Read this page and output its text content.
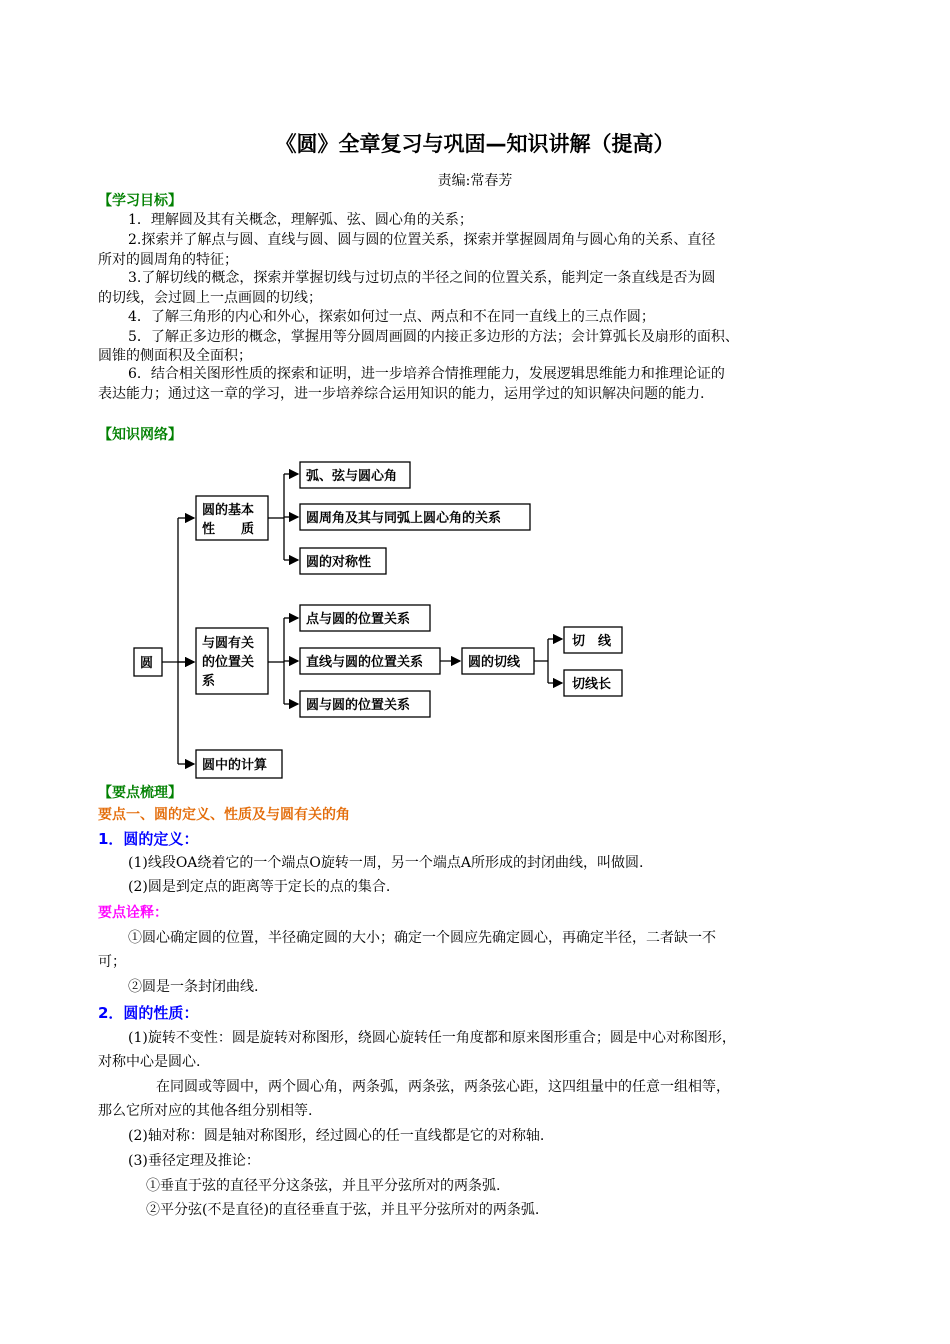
《圆》全章复习与巩固—知识讲解（提高）
责编:常春芳
【学习目标】
1．理解圆及其有关概念，理解弧、弦、圆心角的关系；
2.探索并了解点与圆、直线与圆、圆与圆的位置关系，探索并掌握圆周角与圆心角的关系、直径
所对的圆周角的特征；
3.了解切线的概念，探索并掌握切线与过切点的半径之间的位置关系，能判定一条直线是否为圆
的切线，会过圆上一点画圆的切线；
4．了解三角形的内心和外心，探索如何过一点、两点和不在同一直线上的三点作圆；
5．了解正多边形的概念，掌握用等分圆周画圆的内接正多边形的方法；会计算弧长及扇形的面积、
圆锥的侧面积及全面积；
6．结合相关图形性质的探索和证明，进一步培养合情推理能力，发展逻辑思维能力和推理论证的
表达能力；通过这一章的学习，进一步培养综合运用知识的能力，运用学过的知识解决问题的能力.
【知识网络】
圆
圆的基本
性　　质
与圆有关
的位置关
系
圆中的计算
弧、弦与圆心角
圆周角及其与同弧上圆心角的关系
圆的对称性
点与圆的位置关系
直线与圆的位置关系
圆与圆的位置关系
圆的切线
切　线
切线长
【要点梳理】
要点一、圆的定义、性质及与圆有关的角
1．圆的定义：
(1)线段OA绕着它的一个端点O旋转一周，另一个端点A所形成的封闭曲线，叫做圆.
(2)圆是到定点的距离等于定长的点的集合.
要点诠释：
①圆心确定圆的位置，半径确定圆的大小；确定一个圆应先确定圆心，再确定半径，二者缺一不
可；
②圆是一条封闭曲线.
2．圆的性质：
(1)旋转不变性：圆是旋转对称图形，绕圆心旋转任一角度都和原来图形重合；圆是中心对称图形，
对称中心是圆心.
在同圆或等圆中，两个圆心角，两条弧，两条弦，两条弦心距，这四组量中的任意一组相等，
那么它所对应的其他各组分别相等.
(2)轴对称：圆是轴对称图形，经过圆心的任一直线都是它的对称轴.
(3)垂径定理及推论：
①垂直于弦的直径平分这条弦，并且平分弦所对的两条弧.
②平分弦(不是直径)的直径垂直于弦，并且平分弦所对的两条弧.
